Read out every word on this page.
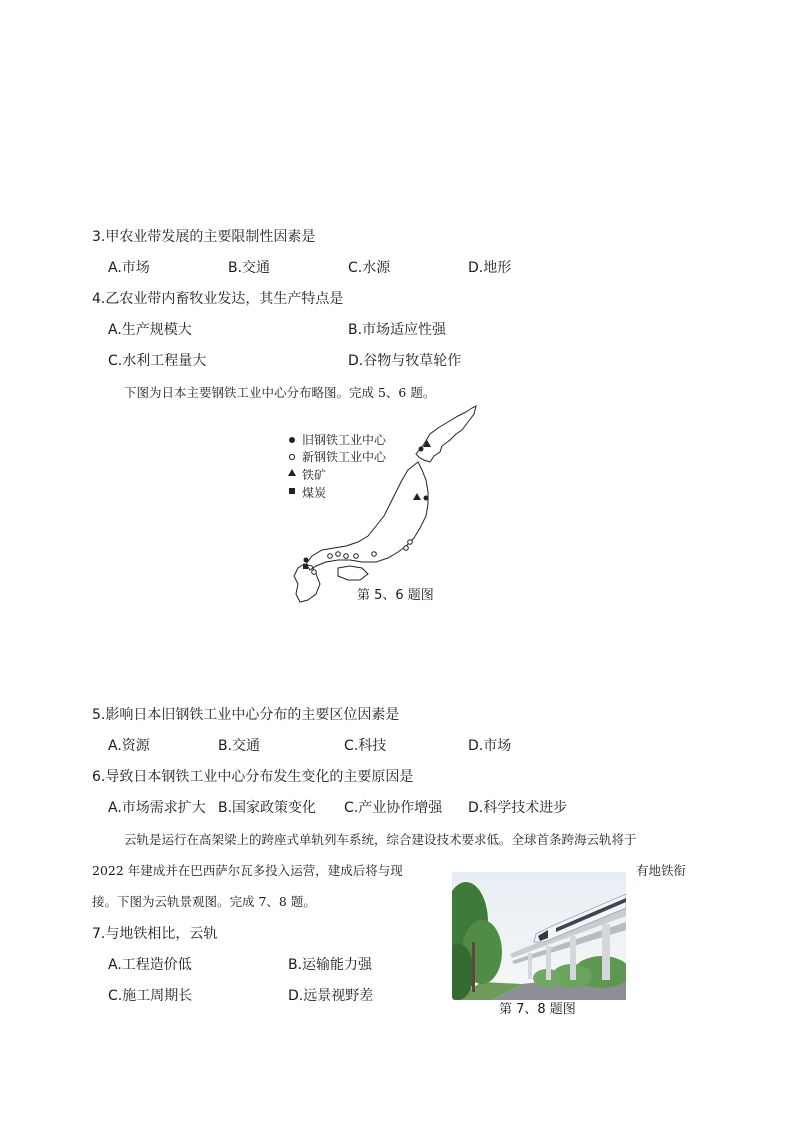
3.甲农业带发展的主要限制性因素是
A.市场	B.交通	C.水源	D.地形
4.乙农业带内畜牧业发达，其生产特点是
A.生产规模大	B.市场适应性强
C.水利工程量大	D.谷物与牧草轮作
下图为日本主要钢铁工业中心分布略图。完成 5、6 题。
旧钢铁工业中心
新钢铁工业中心
铁矿
煤炭
第 5、6 题图
5.影响日本旧钢铁工业中心分布的主要区位因素是
A.资源	B.交通	C.科技	D.市场
6.导致日本钢铁工业中心分布发生变化的主要原因是
A.市场需求扩大 B.国家政策变化 C.产业协作增强 D.科学技术进步
云轨是运行在高架梁上的跨座式单轨列车系统，综合建设技术要求低。全球首条跨海云轨将于
2022 年建成并在巴西萨尔瓦多投入运营，建成后将与现	有地铁衔
接。下图为云轨景观图。完成 7、8 题。
7.与地铁相比，云轨
A.工程造价低	B.运输能力强
C.施工周期长	D.远景视野差
第 7、8 题图
